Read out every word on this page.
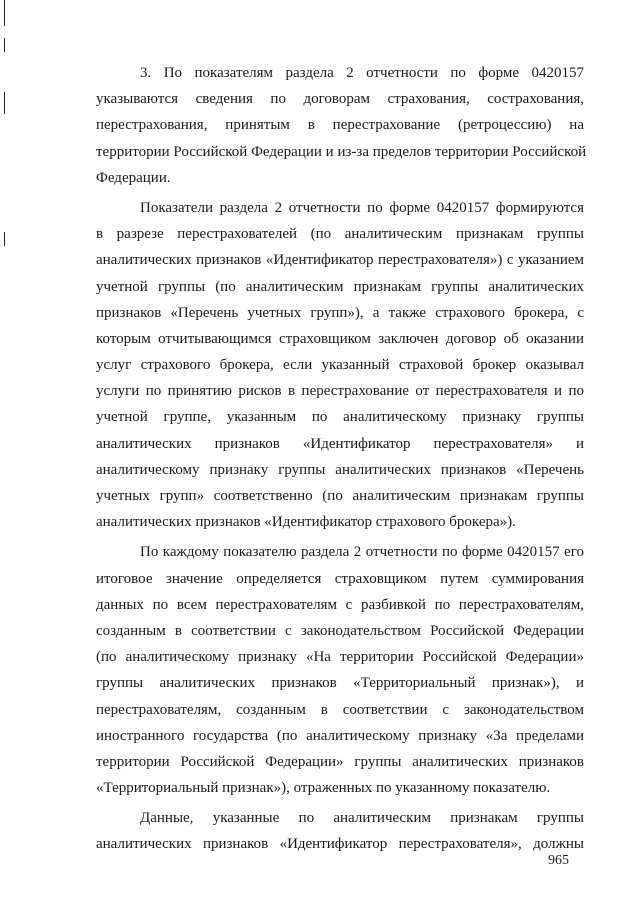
3. По показателям раздела 2 отчетности по форме 0420157
указываются сведения по договорам страхования, сострахования,
перестрахования, принятым в перестрахование (ретроцессию) на
территории Российской Федерации и из-за пределов территории Российской
Федерации.
Показатели раздела 2 отчетности по форме 0420157 формируются
в разрезе перестрахователей (по аналитическим признакам группы
аналитических признаков «Идентификатор перестрахователя») с указанием
учетной группы (по аналитическим признакам группы аналитических
признаков «Перечень учетных групп»), а также страхового брокера, с
которым отчитывающимся страховщиком заключен договор об оказании
услуг страхового брокера, если указанный страховой брокер оказывал
услуги по принятию рисков в перестрахование от перестрахователя и по
учетной группе, указанным по аналитическому признаку группы
аналитических признаков «Идентификатор перестрахователя» и
аналитическому признаку группы аналитических признаков «Перечень
учетных групп» соответственно (по аналитическим признакам группы
аналитических признаков «Идентификатор страхового брокера»).
По каждому показателю раздела 2 отчетности по форме 0420157 его
итоговое значение определяется страховщиком путем суммирования
данных по всем перестрахователям с разбивкой по перестрахователям,
созданным в соответствии с законодательством Российской Федерации
(по аналитическому признаку «На территории Российской Федерации»
группы аналитических признаков «Территориальный признак»), и
перестрахователям, созданным в соответствии с законодательством
иностранного государства (по аналитическому признаку «За пределами
территории Российской Федерации» группы аналитических признаков
«Территориальный признак»), отраженных по указанному показателю.
Данные, указанные по аналитическим признакам группы
аналитических признаков «Идентификатор перестрахователя», должны
965
